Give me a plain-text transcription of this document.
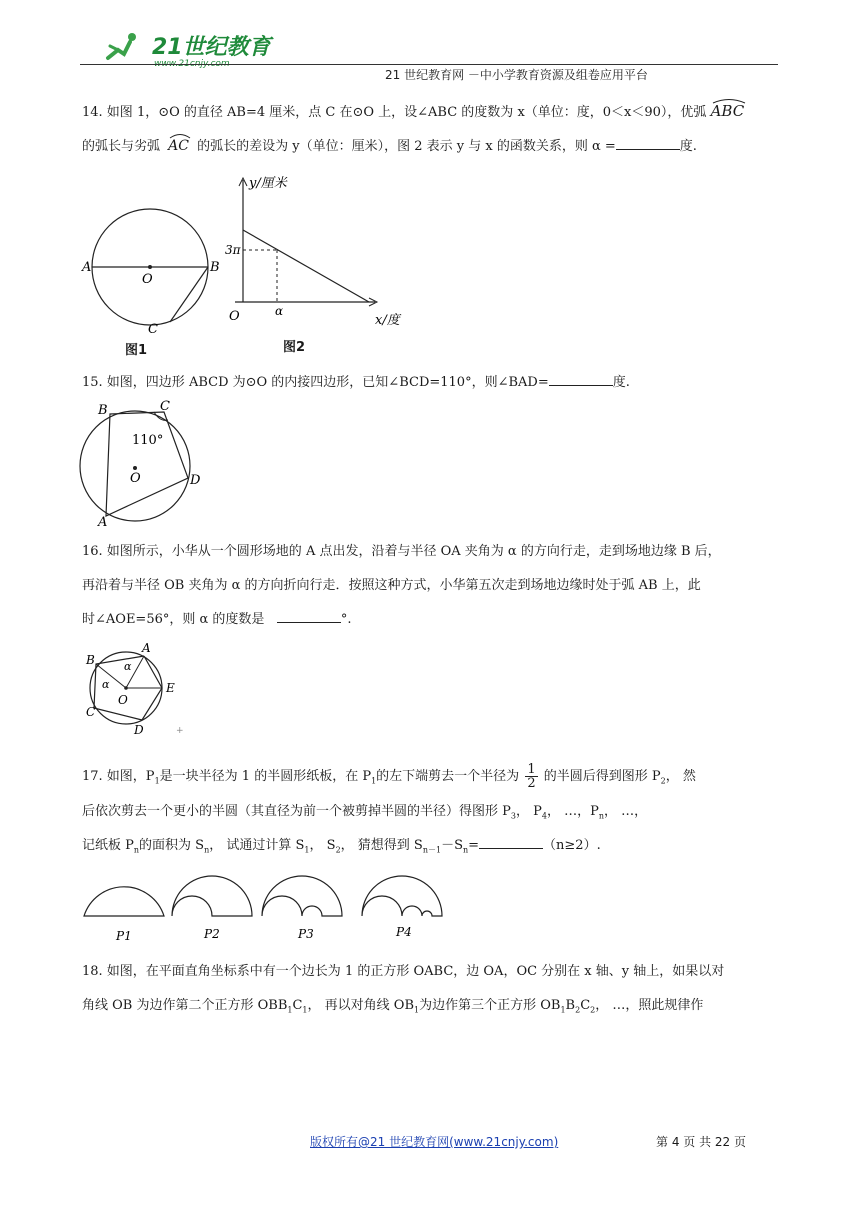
21世纪教育
21 世纪教育网 －中小学教育资源及组卷应用平台
14. 如图 1，⊙O 的直径 AB=4 厘米，点 C 在⊙O 上，设∠ABC 的度数为 x（单位：度，0＜x＜90），优弧 ABC
的弧长与劣弧 AC 的弧长的差设为 y（单位：厘米），图 2 表示 y 与 x 的函数关系，则 α =	度.
A	B
O
C
图1
y/厘米
x/度
3π
α
O
图2
15. 如图，四边形 ABCD 为⊙O 的内接四边形，已知∠BCD=110°，则∠BAD=	度.
B	C
D
A
O
110°
16. 如图所示，小华从一个圆形场地的 A 点出发，沿着与半径 OA 夹角为 α 的方向行走，走到场地边缘 B 后，
再沿着与半径 OB 夹角为 α 的方向折向行走．按照这种方式，小华第五次走到场地边缘时处于弧 AB 上，此
时∠AOE=56°，则 α 的度数是	°.
A
B
C
D
E
O
α
α
+
17. 如图，$P_1$是一块半径为 1 的半圆形纸板，在 $P_1$的左下端剪去一个半径为 $\frac{1}{2}$ 的半圆后得到图形 $P_2$， 然
后依次剪去一个更小的半圆（其直径为前一个被剪掉半圆的半径）得图形 $P_3$， $P_4$， …，$P_n$， …，
记纸板 $P_n$的面积为 $S_n$， 试通过计算 $S_1$， $S_2$， 猜想得到 $S_{n-1}-S_n=$	（n≥2）.
P1	P2	P3	P4
18. 如图，在平面直角坐标系中有一个边长为 1 的正方形 OABC，边 OA，OC 分别在 x 轴、y 轴上，如果以对
角线 OB 为边作第二个正方形 $OBB_1C_1$， 再以对角线 $OB_1$为边作第三个正方形 $OB_1B_2C_2$， …，照此规律作
版权所有@21 世纪教育网(www.21cnjy.com)	第 4 页 共 22 页
